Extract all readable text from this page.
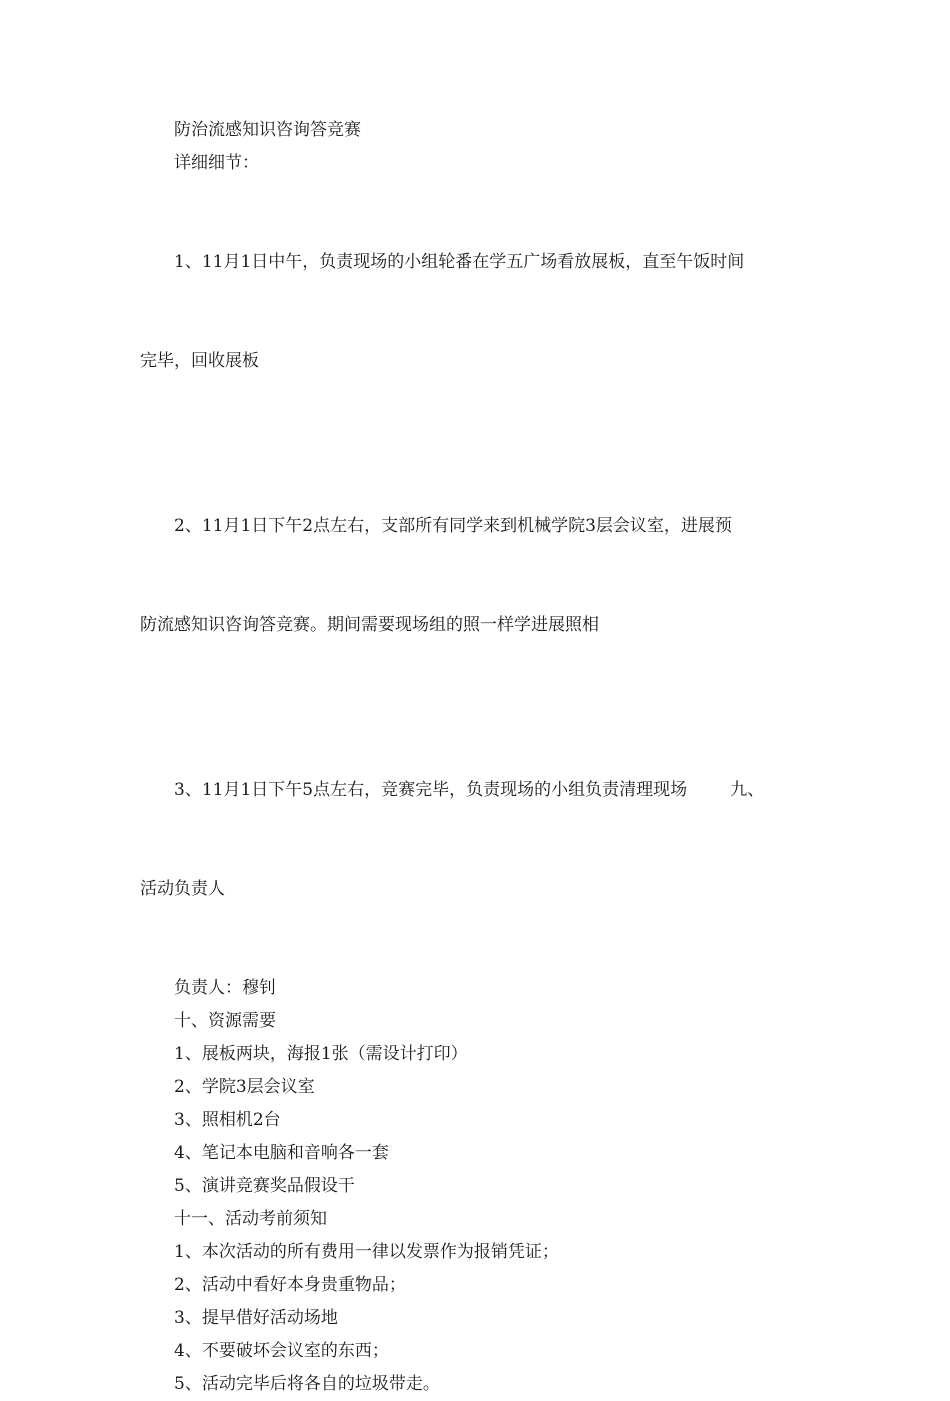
防治流感知识咨询答竞赛

详细细节：

1、11月1日中午，负责现场的小组轮番在学五广场看放展板，直至午饭时间

完毕，回收展板

2、11月1日下午2点左右，支部所有同学来到机械学院3层会议室，进展预

防流感知识咨询答竞赛。期间需要现场组的照一样学进展照相

3、11月1日下午5点左右，竞赛完毕，负责现场的小组负责清理现场        九、

活动负责人

负责人：穆钊

十、资源需要

1、展板两块，海报1张（需设计打印）

2、学院3层会议室

3、照相机2台

4、笔记本电脑和音响各一套

5、演讲竞赛奖品假设干

十一、活动考前须知

1、本次活动的所有费用一律以发票作为报销凭证；

2、活动中看好本身贵重物品；

3、提早借好活动场地

4、不要破坏会议室的东西；

5、活动完毕后将各自的垃圾带走。
